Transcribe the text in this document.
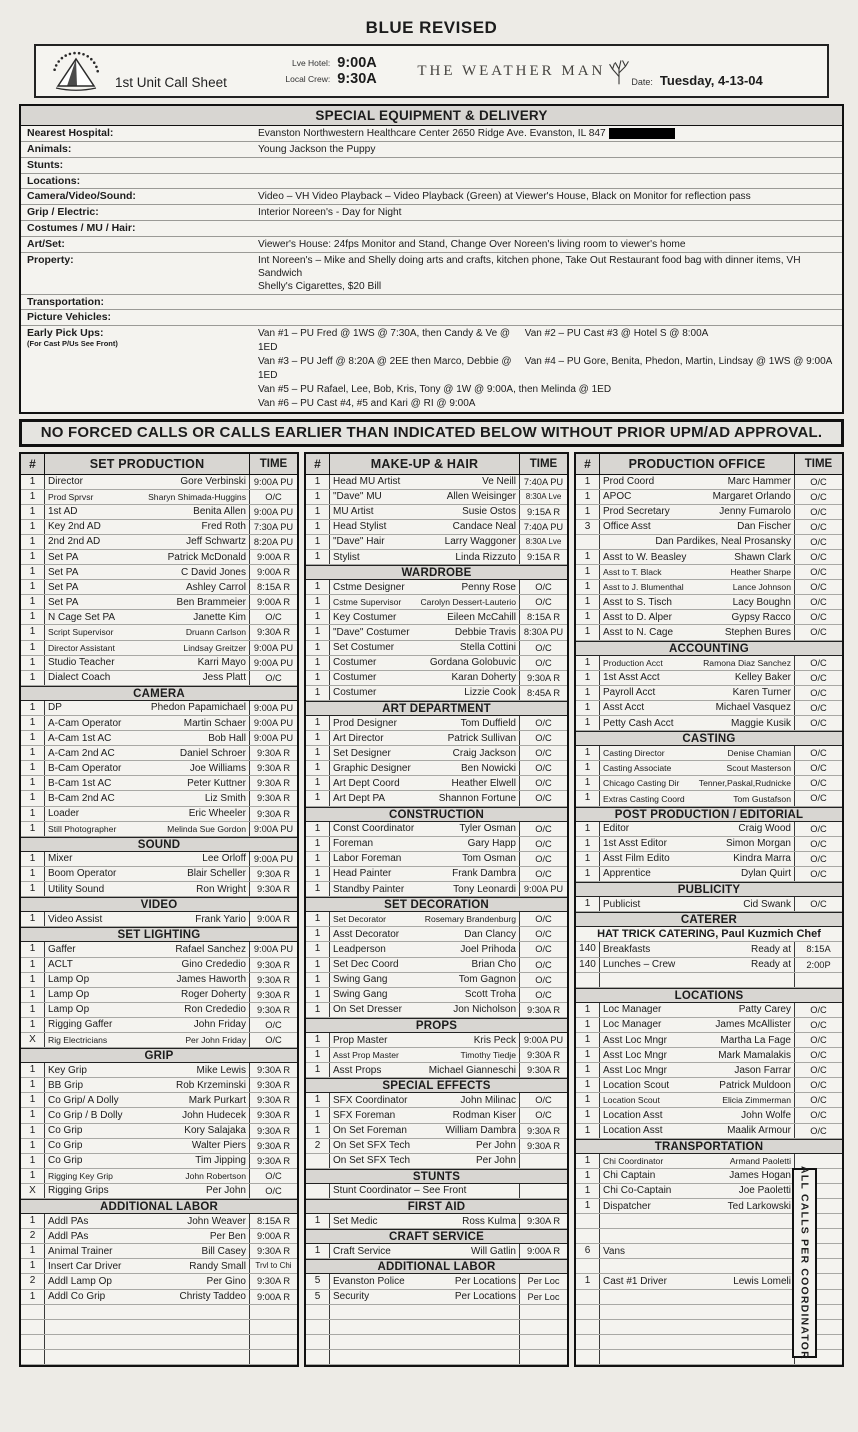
BLUE REVISED
1st Unit Call Sheet
Lve Hotel: 9:00A
Local Crew: 9:30A	THE WEATHER MAN
Date: Tuesday, 4-13-04
SPECIAL EQUIPMENT & DELIVERY
Nearest Hospital:	Evanston Northwestern Healthcare Center 2650 Ridge Ave. Evanston, IL 847
Animals:	Young Jackson the Puppy
Stunts:
Locations:
Camera/Video/Sound:	Video – VH Video Playback – Video Playback (Green) at Viewer's House, Black on Monitor for reflection pass
Grip / Electric:	Interior Noreen's - Day for Night
Costumes / MU / Hair:
Art/Set:	Viewer's House: 24fps Monitor and Stand, Change Over Noreen's living room to viewer's home
Property:	Int Noreen's – Mike and Shelly doing arts and crafts, kitchen phone, Take Out Restaurant food bag with dinner items, VH Sandwich
Shelly's Cigarettes, $20 Bill
Transportation:
Picture Vehicles:
Early Pick Ups:
(For Cast P/Us See Front)
Van #1 – PU Fred @ 1WS @ 7:30A, then Candy & Ve @ 1ED
Van #2 – PU Cast #3 @ Hotel S @ 8:00A
Van #3 – PU Jeff @ 8:20A @ 2EE then Marco, Debbie @ 1ED
Van #4 – PU Gore, Benita, Phedon, Martin, Lindsay @ 1WS @ 9:00A
Van #5 – PU Rafael, Lee, Bob, Kris, Tony @ 1W @ 9:00A, then Melinda @ 1ED
Van #6 – PU Cast #4, #5 and Kari @ RI @ 9:00A
NO FORCED CALLS OR CALLS EARLIER THAN INDICATED BELOW WITHOUT PRIOR UPM/AD APPROVAL.
#	SET PRODUCTION	TIME
1	Director	Gore Verbinski 9:00A PU
1	Prod Sprvsr	Sharyn Shimada-Huggins	O/C
1	1st AD	Benita Allen 9:00A PU
1	Key 2nd AD	Fred Roth 7:30A PU
1	2nd 2nd AD	Jeff Schwartz 8:20A PU
1	Set PA	Patrick McDonald	9:00A R
1	Set PA	C David Jones	9:00A R
1	Set PA	Ashley Carrol	8:15A R
1	Set PA	Ben Brammeier	9:00A R
1	N Cage Set PA	Janette Kim	O/C
1	Script Supervisor	Druann Carlson	9:30A R
1	Director Assistant	Lindsay Greitzer 9:00A PU
1	Studio Teacher	Karri Mayo 9:00A PU
1	Dialect Coach	Jess Platt	O/C
CAMERA
1	DP	Phedon Papamichael 9:00A PU
1	A-Cam Operator	Martin Schaer 9:00A PU
1	A-Cam 1st AC	Bob Hall 9:00A PU
1	A-Cam 2nd AC	Daniel Schroer	9:30A R
1	B-Cam Operator	Joe Williams	9:30A R
1	B-Cam 1st AC	Peter Kuttner	9:30A R
1	B-Cam 2nd AC	Liz Smith	9:30A R
1	Loader	Eric Wheeler	9:30A R
1	Still Photographer	Melinda Sue Gordon 9:00A PU
SOUND
1	Mixer	Lee Orloff 9:00A PU
1	Boom Operator	Blair Scheller	9:30A R
1	Utility Sound	Ron Wright	9:30A R
VIDEO
1	Video Assist	Frank Yario	9:00A R
SET LIGHTING
1	Gaffer	Rafael Sanchez 9:00A PU
1	ACLT	Gino Crededio	9:30A R
1	Lamp Op	James Haworth	9:30A R
1	Lamp Op	Roger Doherty	9:30A R
1	Lamp Op	Ron Crededio	9:30A R
1	Rigging Gaffer	John Friday	O/C
X	Rig Electricians	Per John Friday	O/C
GRIP
1	Key Grip	Mike Lewis	9:30A R
1	BB Grip	Rob Krzeminski	9:30A R
1	Co Grip/ A Dolly	Mark Purkart	9:30A R
1	Co Grip / B Dolly	John Hudecek	9:30A R
1	Co Grip	Kory Salajaka	9:30A R
1	Co Grip	Walter Piers	9:30A R
1	Co Grip	Tim Jipping	9:30A R
1	Rigging Key Grip	John Robertson	O/C
X	Rigging Grips	Per John	O/C
ADDITIONAL LABOR
1	Addl PAs	John Weaver	8:15A R
2	Addl PAs	Per Ben	9:00A R
1	Animal Trainer	Bill Casey	9:30A R
1	Insert Car Driver	Randy Small	Trvl to Chi
2	Addl Lamp Op	Per Gino	9:30A R
1	Addl Co Grip	Christy Taddeo	9:00A R
#	MAKE-UP & HAIR	TIME
1	Head MU Artist	Ve Neill 7:40A PU
1	"Dave" MU	Allen Weisinger	8:30A Lve
1	MU Artist	Susie Ostos	9:15A R
1	Head Stylist	Candace Neal 7:40A PU
1	"Dave" Hair	Larry Waggoner	8:30A Lve
1	Stylist	Linda Rizzuto	9:15A R
WARDROBE
1	Cstme Designer	Penny Rose	O/C
1	Cstme Supervisor Carolyn Dessert-Lauterio	O/C
1	Key Costumer	Eileen McCahill	8:15A R
1	"Dave" Costumer	Debbie Travis 8:30A PU
1	Set Costumer	Stella Cottini	O/C
1	Costumer	Gordana Golobuvic	O/C
1	Costumer	Karan Doherty	9:30A R
1	Costumer	Lizzie Cook	8:45A R
ART DEPARTMENT
1	Prod Designer	Tom Duffield	O/C
1	Art Director	Patrick Sullivan	O/C
1	Set Designer	Craig Jackson	O/C
1	Graphic Designer	Ben Nowicki	O/C
1	Art Dept Coord	Heather Elwell	O/C
1	Art Dept PA	Shannon Fortune	O/C
CONSTRUCTION
1	Const Coordinator	Tyler Osman	O/C
1	Foreman	Gary Happ	O/C
1	Labor Foreman	Tom Osman	O/C
1	Head Painter	Frank Dambra	O/C
1	Standby Painter	Tony Leonardi 9:00A PU
SET DECORATION
1	Set Decorator	Rosemary Brandenburg	O/C
1	Asst Decorator	Dan Clancy	O/C
1	Leadperson	Joel Prihoda	O/C
1	Set Dec Coord	Brian Cho	O/C
1	Swing Gang	Tom Gagnon	O/C
1	Swing Gang	Scott Troha	O/C
1	On Set Dresser	Jon Nicholson	9:30A R
PROPS
1	Prop Master	Kris Peck 9:00A PU
1	Asst Prop Master	Timothy Tiedje	9:30A R
1	Asst Props	Michael Gianneschi	9:30A R
SPECIAL EFFECTS
1	SFX Coordinator	John Milinac	O/C
1	SFX Foreman	Rodman Kiser	O/C
1	On Set Foreman	William Dambra	9:30A R
2	On Set SFX Tech	Per John	9:30A R
On Set SFX Tech	Per John
STUNTS
Stunt Coordinator – See Front
FIRST AID
1	Set Medic	Ross Kulma	9:30A R
CRAFT SERVICE
1	Craft Service	Will Gatlin	9:00A R
ADDITIONAL LABOR
5	Evanston Police	Per Locations	Per Loc
5	Security	Per Locations	Per Loc	ALL CALLS PER COORDINATOR
#	PRODUCTION OFFICE	TIME
1	Prod Coord	Marc Hammer	O/C
1	APOC	Margaret Orlando	O/C
1	Prod Secretary	Jenny Fumarolo	O/C
3	Office Asst	Dan Fischer	O/C
Dan Pardikes, Neal Prosansky	O/C
1	Asst to W. Beasley	Shawn Clark	O/C
1	Asst to T. Black	Heather Sharpe	O/C
1	Asst to J. Blumenthal	Lance Johnson	O/C
1	Asst to S. Tisch	Lacy Boughn	O/C
1	Asst to D. Alper	Gypsy Racco	O/C
1	Asst to N. Cage	Stephen Bures	O/C
ACCOUNTING
1	Production Acct	Ramona Diaz Sanchez	O/C
1	1st Asst Acct	Kelley Baker	O/C
1	Payroll Acct	Karen Turner	O/C
1	Asst Acct	Michael Vasquez	O/C
1	Petty Cash Acct	Maggie Kusik	O/C
CASTING
1	Casting Director	Denise Chamian	O/C
1	Casting Associate	Scout Masterson	O/C
1	Chicago Casting Dir Tenner,Paskal,Rudnicke	O/C
1	Extras Casting Coord	Tom Gustafson	O/C
POST PRODUCTION / EDITORIAL
1	Editor	Craig Wood	O/C
1	1st Asst Editor	Simon Morgan	O/C
1	Asst Film Edito	Kindra Marra	O/C
1	Apprentice	Dylan Quirt	O/C
PUBLICITY
1	Publicist	Cid Swank	O/C
CATERER
HAT TRICK CATERING, Paul Kuzmich Chef
140 Breakfasts	Ready at	8:15A
140 Lunches – Crew	Ready at	2:00P
LOCATIONS
1	Loc Manager	Patty Carey	O/C
1	Loc Manager	James McAllister	O/C
1	Asst Loc Mngr	Martha La Fage	O/C
1	Asst Loc Mngr	Mark Mamalakis	O/C
1	Asst Loc Mngr	Jason Farrar	O/C
1	Location Scout	Patrick Muldoon	O/C
1	Location Scout	Elicia Zimmerman	O/C
1	Location Asst	John Wolfe	O/C
1	Location Asst	Maalik Armour	O/C
TRANSPORTATION
1	Chi Coordinator	Armand Paoletti
1	Chi Captain	James Hogan
1	Chi Co-Captain	Joe Paoletti
1	Dispatcher	Ted Larkowski
6	Vans
1	Cast #1 Driver	Lewis Lomeli
